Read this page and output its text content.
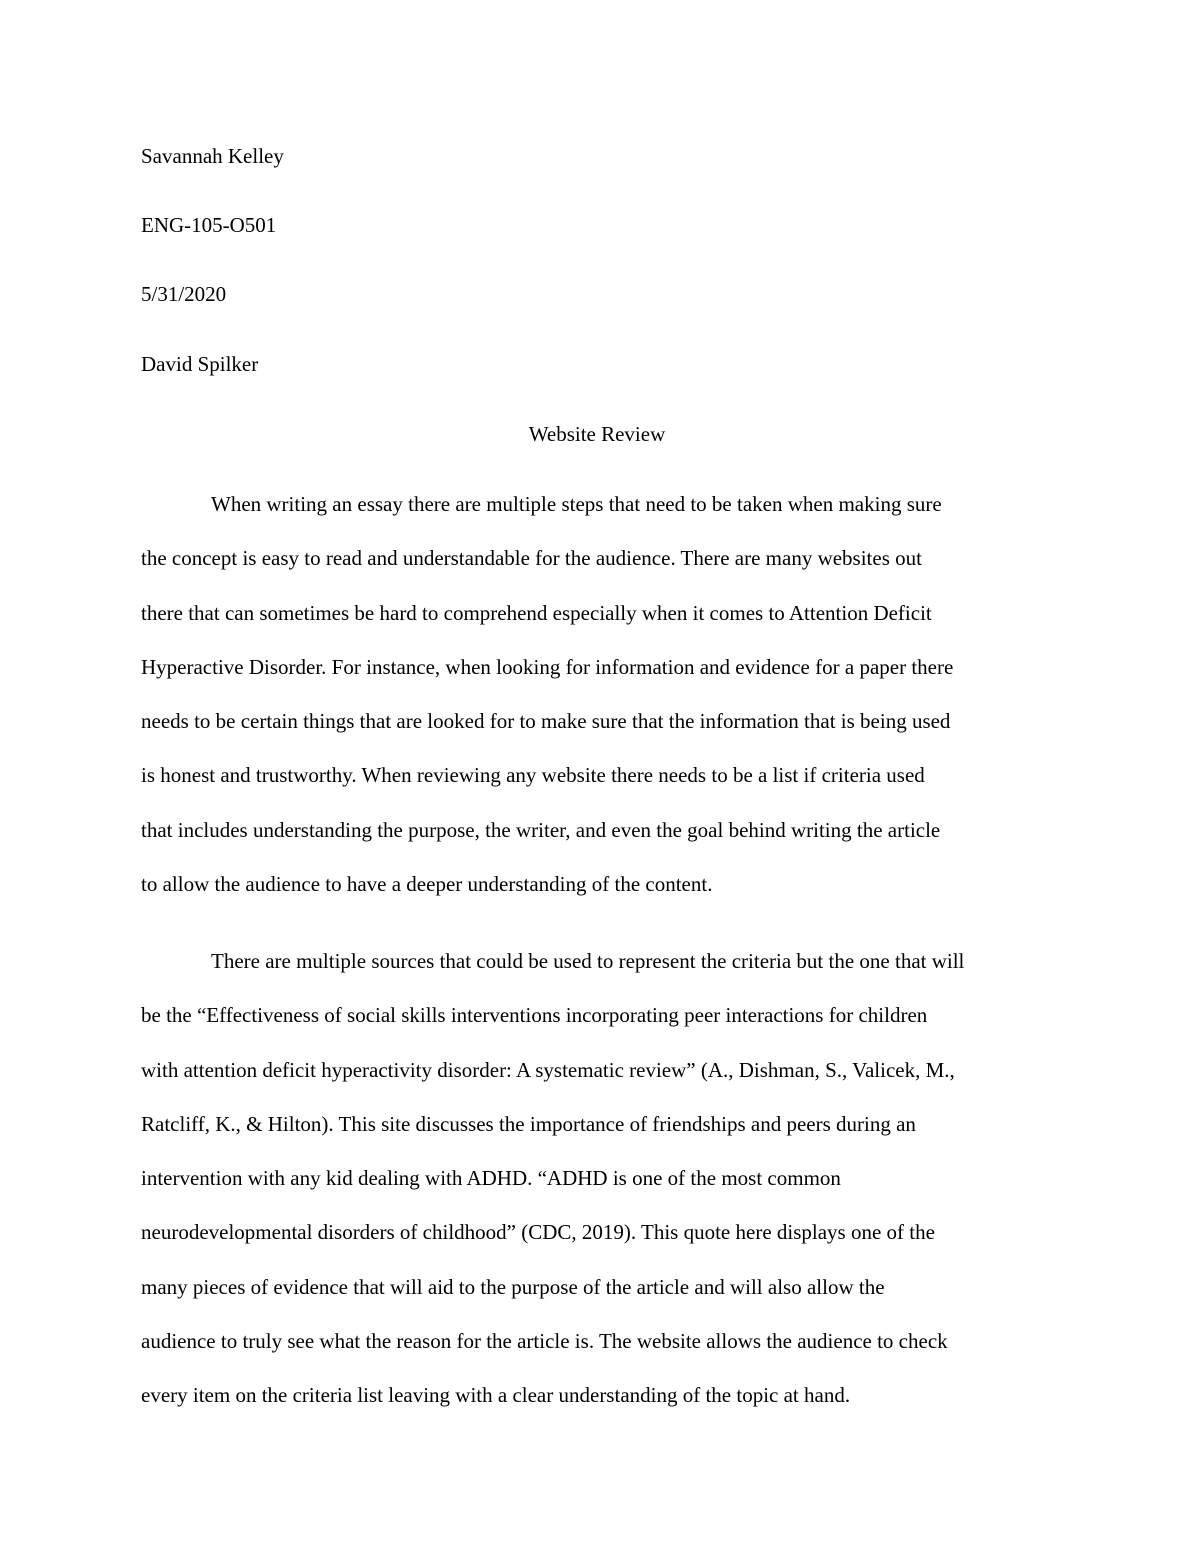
Savannah Kelley

ENG-105-O501

5/31/2020

David Spilker

Website Review

When writing an essay there are multiple steps that need to be taken when making sure
the concept is easy to read and understandable for the audience. There are many websites out
there that can sometimes be hard to comprehend especially when it comes to Attention Deficit
Hyperactive Disorder. For instance, when looking for information and evidence for a paper there
needs to be certain things that are looked for to make sure that the information that is being used
is honest and trustworthy. When reviewing any website there needs to be a list if criteria used
that includes understanding the purpose, the writer, and even the goal behind writing the article
to allow the audience to have a deeper understanding of the content.
There are multiple sources that could be used to represent the criteria but the one that will
be the “Effectiveness of social skills interventions incorporating peer interactions for children
with attention deficit hyperactivity disorder: A systematic review” (A., Dishman, S., Valicek, M.,
Ratcliff, K., & Hilton). This site discusses the importance of friendships and peers during an
intervention with any kid dealing with ADHD. “ADHD is one of the most common
neurodevelopmental disorders of childhood” (CDC, 2019). This quote here displays one of the
many pieces of evidence that will aid to the purpose of the article and will also allow the
audience to truly see what the reason for the article is. The website allows the audience to check
every item on the criteria list leaving with a clear understanding of the topic at hand.
